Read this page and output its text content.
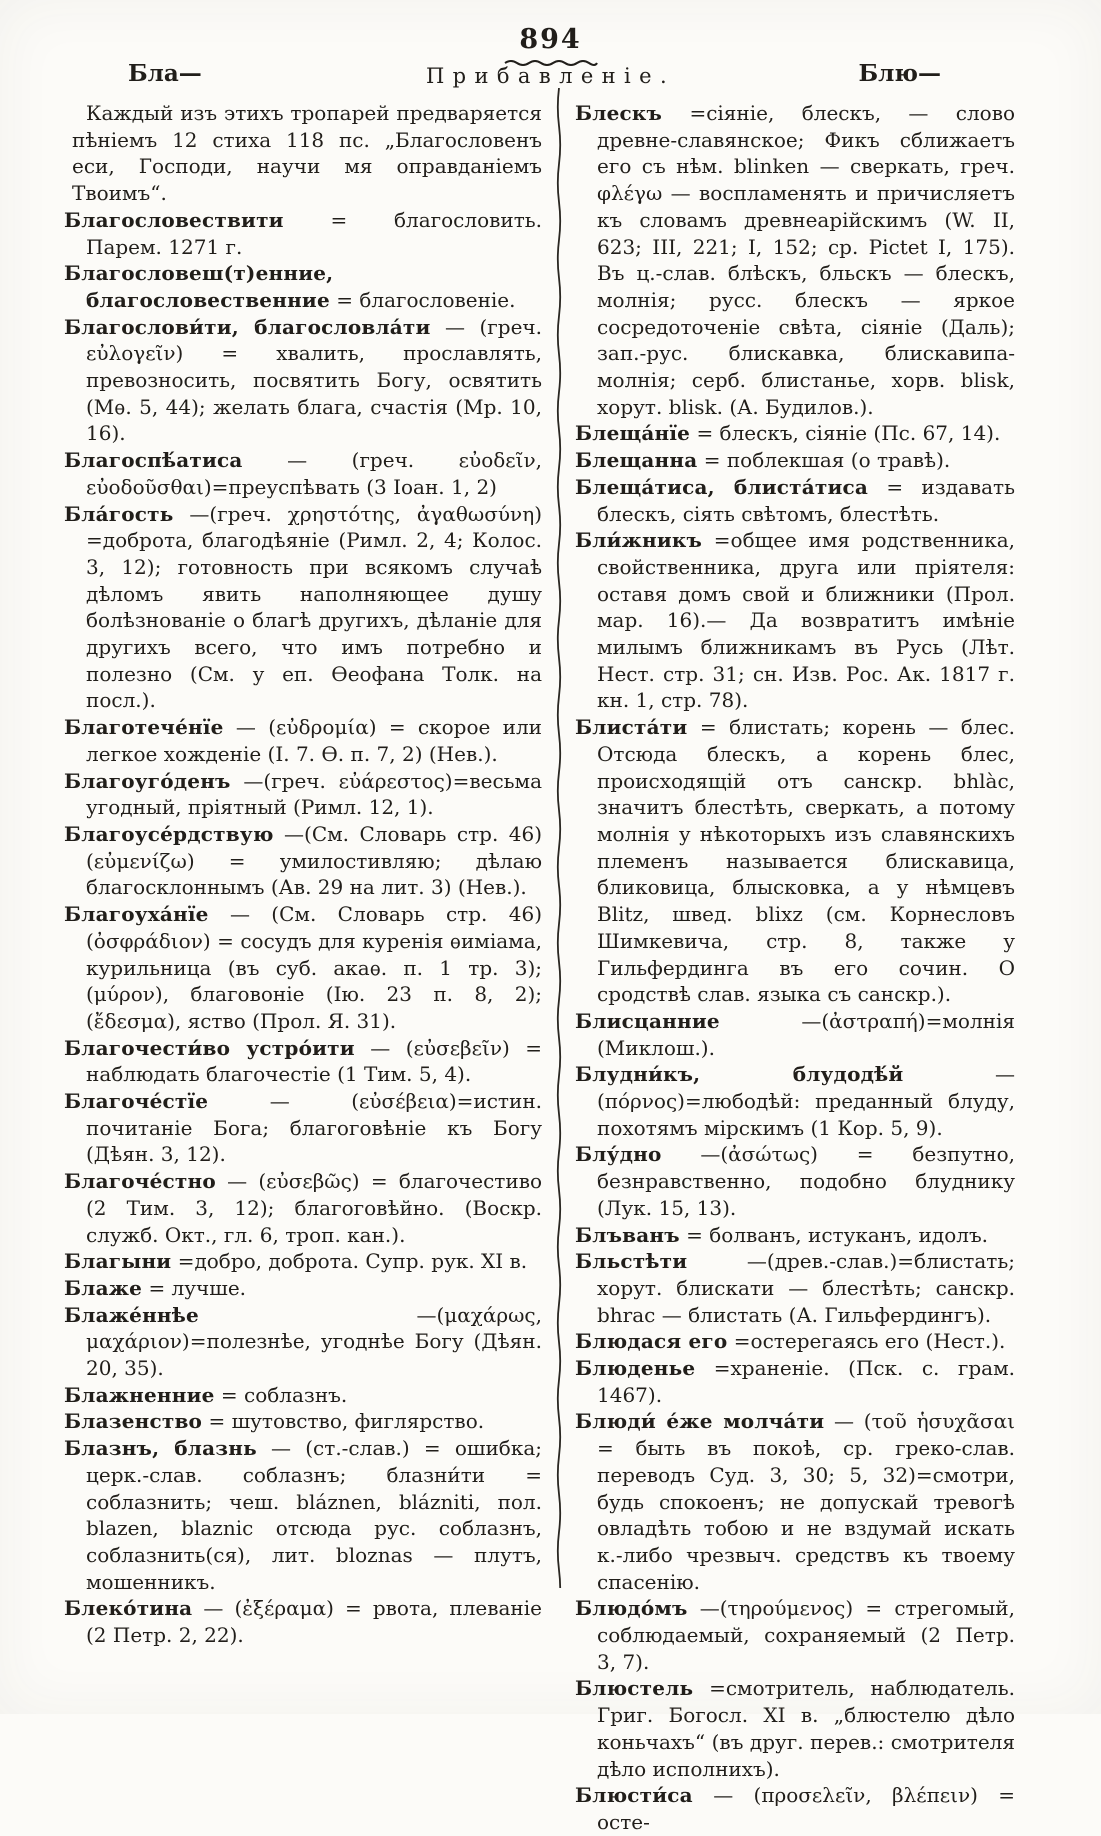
894
Бла—	Прибавленіе.	Блю—
Каждый изъ этихъ тропарей предваряется пѣніемъ 12 стиха 118 пс. „Благословенъ еси, Господи, научи мя оправданіемъ Твоимъ“.
Благословествити = благословить. Парем. 1271 г.
Благословеш(т)енние, благословественние = благословеніе.
Благослови́ти, благословла́ти — (греч. εὐλογεῖν) = хвалить, прославлять, превозносить, посвятить Богу, освятить (Мѳ. 5, 44); желать блага, счастія (Мр. 10, 16).
Благоспѣ́атиса — (греч. εὐοδεῖν, εὐοδοῦσθαι)=преуспѣвать (3 Іоан. 1, 2)
Бла́гость —(греч. χρηστότης, ἀγαθωσύνη) =доброта, благодѣяніе (Римл. 2, 4; Колос. 3, 12); готовность при всякомъ случаѣ дѣломъ явить наполняющее душу болѣзнованіе о благѣ другихъ, дѣланіе для другихъ всего, что имъ потребно и полезно (См. у еп. Ѳеофана Толк. на посл.).
Благотече́нїе — (εὐδρομία) = скорое или легкое хожденіе (І. 7. Ѳ. п. 7, 2) (Нев.).
Благоуго́денъ —(греч. εὐάρεστος)=весьма угодный, пріятный (Римл. 12, 1).
Благоусе́рдствую —(См. Словарь стр. 46) (εὐμενίζω) = умилостивляю; дѣлаю благосклоннымъ (Ав. 29 на лит. 3) (Нев.).
Благоуха́нїе — (См. Словарь стр. 46) (ὀσφράδιον) = сосудъ для куренія ѳиміама, курильница (въ суб. акаѳ. п. 1 тр. 3); (μύρον), благовоніе (Ію. 23 п. 8, 2); (ἔδεσμα), яство (Прол. Я. 31).
Благочести́во устро́ити — (εὐσεβεῖν) = наблюдать благочестіе (1 Тим. 5, 4).
Благоче́стїе	— (εὐσέβεια)=истин. почитаніе Бога; благоговѣніе къ Богу (Дѣян. 3, 12).
Благоче́стно — (εὐσεβῶς) = благочестиво (2 Тим. 3, 12); благоговѣйно. (Воскр. служб. Окт., гл. 6, троп. кан.).
Благыни =добро, доброта. Супр. рук. XI в.
Блаже = лучше.
Блаже́ннѣе	—(μαχάρως, μαχάριον)=полезнѣе, угоднѣе Богу (Дѣян. 20, 35).
Блажненние = соблазнъ.
Блазенство = шутовство, фиглярство.
Блазнъ, блазнь — (ст.-слав.) = ошибка; церк.-слав. соблазнъ; блазни́ти = соблазнить; чеш. bláznen, blázniti, пол. blazen, blaznic отсюда рус. соблазнъ, соблазнить(ся), лит. bloznas — плутъ, мошенникъ.
Блеко́тина — (ἐξέραμα) = рвота, плеваніе (2 Петр. 2, 22).
Блескъ =сіяніе, блескъ, — слово древне-славянское; Фикъ сближаетъ его съ нѣм. blinken — сверкать, греч. φλέγω — воспламенять и причисляетъ къ словамъ древнеарійскимъ (W. II, 623; III, 221; I, 152; ср. Pictet I, 175). Въ ц.-слав. блѣскъ, бльскъ — блескъ, молнія; русс. блескъ — яркое сосредоточеніе свѣта, сіяніе (Даль); зап.-рус. блискавка, блискавипа-молнія; серб. блистанье, хорв. blisk, хорут. blisk. (А. Будилов.).
Блеща́нїе = блескъ, сіяніе (Пс. 67, 14).
Блещанна = поблекшая (о травѣ).
Блеща́тиса, блиста́тиса = издавать блескъ, сіять свѣтомъ, блестѣть.
Бли́жникъ =общее имя родственника, свойственника, друга или пріятеля: оставя домъ свой и ближники (Прол. мар. 16).— Да возвратитъ имѣніе милымъ ближникамъ въ Русь (Лѣт. Нест. стр. 31; сн. Изв. Рос. Ак. 1817 г. кн. 1, стр. 78).
Блиста́ти = блистать; корень — блес. Отсюда блескъ, а корень блес, происходящій отъ санскр. bhlàc, значитъ блестѣть, сверкать, а потому молнія у нѣкоторыхъ изъ славянскихъ племенъ называется блискавица, бликовица, блысковка, а у нѣмцевъ Blitz, швед. blixz (см. Корнесловъ Шимкевича, стр. 8, также у Гильфердинга въ его сочин. О сродствѣ слав. языка съ санскр.).
Блисцанние	—(ἀστραπή)=молнія (Миклош.).
Блудни́къ, блудодѣ́й	—(πόρνος)=любодѣй: преданный блуду, похотямъ мірскимъ (1 Кор. 5, 9).
Блу́дно —(ἀσώτως) = безпутно, безнравственно, подобно блуднику (Лук. 15, 13).
Блъванъ = болванъ, истуканъ, идолъ.
Бльстѣти	—(древ.-слав.)=блистать; хорут. блискати — блестѣть; санскр. bhrac — блистать (А. Гильфердингъ).
Блюдася его =остерегаясь его (Нест.).
Блюденье =храненіе. (Пск. с. грам. 1467).
Блюди́ е́же молча́ти — (τοῦ ἡσυχᾶσαι = быть въ покоѣ, ср. греко-слав. переводъ Суд. 3, 30; 5, 32)=смотри, будь спокоенъ; не допускай тревогѣ овладѣть тобою и не вздумай искать к.-либо чрезвыч. средствъ къ твоему спасенію.
Блюдо́мъ —(τηρούμενος) = стрегомый, соблюдаемый, сохраняемый (2 Петр. 3, 7).
Блюстель =смотритель, наблюдатель. Григ. Богосл. XI в. „блюстелю дѣло коньчахъ“ (въ друг. перев.: смотрителя дѣло исполнихъ).
Блюсти́са — (προσελεῖν, βλέπειν) = осте-
